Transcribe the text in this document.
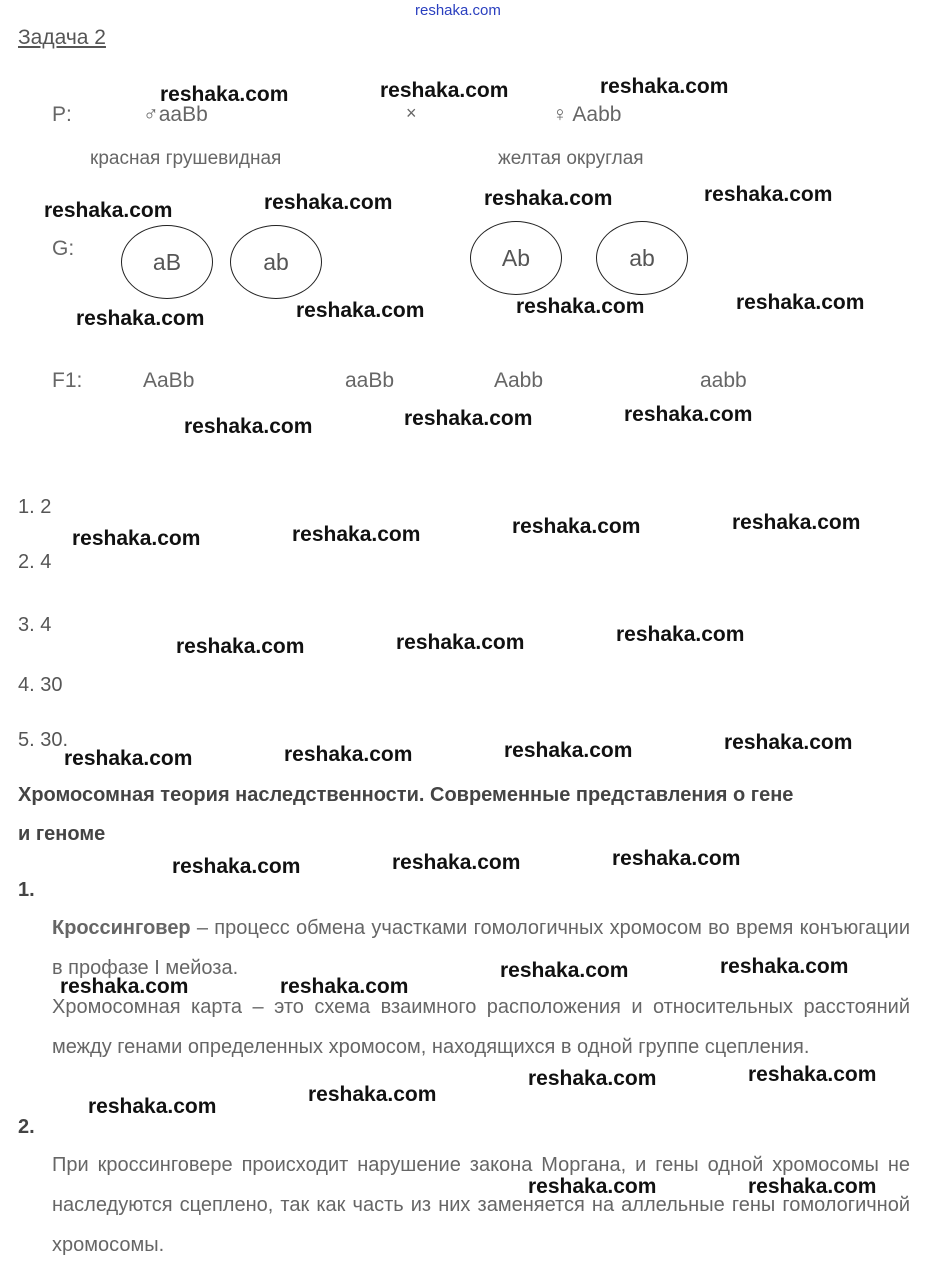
reshaka.com
Задача 2
P:	♂aaBb	×	♀ Aabb
красная грушевидная	желтая округлая
G:	aB	ab	Ab	ab
F1:	AaBb	aaBb	Aabb	aabb
1. 2
2. 4
3. 4
4. 30
5. 30.
Хромосомная теория наследственности. Современные представления о гене
и геноме
1.
Кроссинговер – процесс обмена участками гомологичных хромосом во время конъюгации в профазе I мейоза.
Хромосомная карта – это схема взаимного расположения и относительных расстояний между генами определенных хромосом, находящихся в одной группе сцепления.
2.
При кроссинговере происходит нарушение закона Моргана, и гены одной хромосомы не наследуются сцеплено, так как часть из них заменяется на аллельные гены гомологичной хромосомы.
reshaka.com	reshaka.com	reshaka.com
reshaka.com	reshaka.com	reshaka.com	reshaka.com
reshaka.com	reshaka.com	reshaka.com	reshaka.com
reshaka.com	reshaka.com	reshaka.com
reshaka.com	reshaka.com	reshaka.com	reshaka.com
reshaka.com	reshaka.com	reshaka.com
reshaka.com	reshaka.com	reshaka.com	reshaka.com
reshaka.com	reshaka.com	reshaka.com
reshaka.com	reshaka.com
reshaka.com	reshaka.com
reshaka.com
reshaka.com
reshaka.com	reshaka.com
reshaka.com	reshaka.com
